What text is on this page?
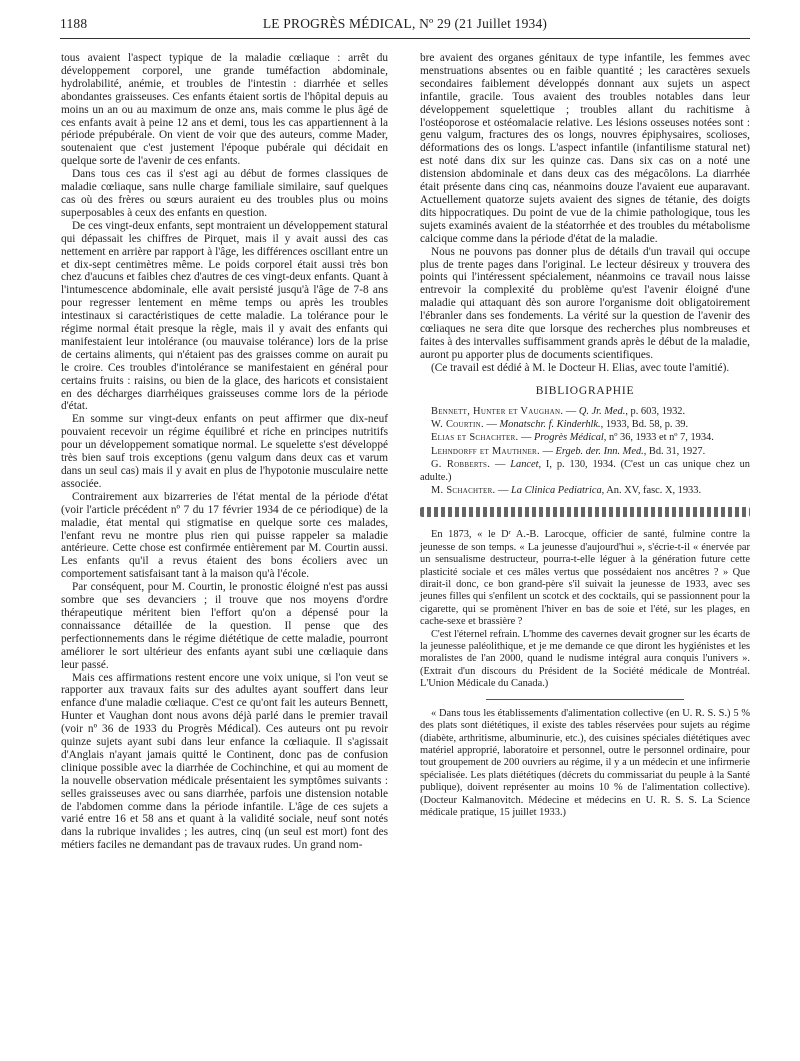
1188	LE PROGRÈS MÉDICAL, Nº 29 (21 Juillet 1934)

tous avaient l'aspect typique de la maladie cœliaque : arrêt du développement corporel, une grande tuméfaction abdominale, hydrolabilité, anémie, et troubles de l'intestin : diarrhée et selles abondantes graisseuses. Ces enfants étaient sortis de l'hôpital depuis au moins un an ou au maximum de onze ans, mais comme le plus âgé de ces enfants avait à peine 12 ans et demi, tous les cas appartiennent à la période prépubérale. On vient de voir que des auteurs, comme Mader, soutenaient que c'est justement l'époque pubérale qui décidait en quelque sorte de l'avenir de ces enfants.

Dans tous ces cas il s'est agi au début de formes classiques de maladie cœliaque, sans nulle charge familiale similaire, sauf quelques cas où des frères ou sœurs auraient eu des troubles plus ou moins superposables à ceux des enfants en question.

De ces vingt-deux enfants, sept montraient un développement statural qui dépassait les chiffres de Pirquet, mais il y avait aussi des cas nettement en arrière par rapport à l'âge, les différences oscillant entre un et dix-sept centimètres même. Le poids corporel était aussi très bon chez d'aucuns et faibles chez d'autres de ces vingt-deux enfants. Quant à l'intumescence abdominale, elle avait persisté jusqu'à l'âge de 7-8 ans pour regresser lentement en même temps ou après les troubles intestinaux si caractéristiques de cette maladie. La tolérance pour le régime normal était presque la règle, mais il y avait des enfants qui manifestaient leur intolérance (ou mauvaise tolérance) lors de la prise de certains aliments, qui n'étaient pas des graisses comme on aurait pu le croire. Ces troubles d'intolérance se manifestaient en général pour certains fruits : raisins, ou bien de la glace, des haricots et consistaient en des décharges diarrhéiques graisseuses comme lors de la période d'état.

En somme sur vingt-deux enfants on peut affirmer que dix-neuf pouvaient recevoir un régime équilibré et riche en principes nutritifs pour un développement somatique normal. Le squelette s'est développé très bien sauf trois exceptions (genu valgum dans deux cas et varum dans un seul cas) mais il y avait en plus de l'hypotonie musculaire nette associée.

Contrairement aux bizarreries de l'état mental de la période d'état (voir l'article précédent nº 7 du 17 février 1934 de ce périodique) de la maladie, état mental qui stigmatise en quelque sorte ces malades, l'enfant revu ne montre plus rien qui puisse rappeler sa maladie antérieure. Cette chose est confirmée entièrement par M. Courtin aussi. Les enfants qu'il a revus étaient des bons écoliers avec un comportement satisfaisant tant à la maison qu'à l'école.

Par conséquent, pour M. Courtin, le pronostic éloigné n'est pas aussi sombre que ses devanciers ; il trouve que nos moyens d'ordre thérapeutique méritent bien l'effort qu'on a dépensé pour la connaissance détaillée de la question. Il pense que des perfectionnements dans le régime diététique de cette maladie, pourront améliorer le sort ultérieur des enfants ayant subi une cœliaquie dans leur passé.

Mais ces affirmations restent encore une voix unique, si l'on veut se rapporter aux travaux faits sur des adultes ayant souffert dans leur enfance d'une maladie cœliaque. C'est ce qu'ont fait les auteurs Bennett, Hunter et Vaughan dont nous avons déjà parlé dans le premier travail (voir nº 36 de 1933 du Progrès Médical). Ces auteurs ont pu revoir quinze sujets ayant subi dans leur enfance la cœliaquie. Il s'agissait d'Anglais n'ayant jamais quitté le Continent, donc pas de confusion clinique possible avec la diarrhée de Cochinchine, et qui au moment de la nouvelle observation médicale présentaient les symptômes suivants : selles graisseuses avec ou sans diarrhée, parfois une distension notable de l'abdomen comme dans la période infantile. L'âge de ces sujets a varié entre 16 et 58 ans et quant à la validité sociale, neuf sont notés dans la rubrique invalides ; les autres, cinq (un seul est mort) font des métiers faciles ne demandant pas de travaux rudes. Un grand nom-

bre avaient des organes génitaux de type infantile, les femmes avec menstruations absentes ou en faible quantité ; les caractères sexuels secondaires faiblement développés donnant aux sujets un aspect infantile, gracile. Tous avaient des troubles notables dans leur développement squelettique ; troubles allant du rachitisme à l'ostéoporose et ostéomalacie relative. Les lésions osseuses notées sont : genu valgum, fractures des os longs, nouvres épiphysaires, scolioses, déformations des os longs. L'aspect infantile (infantilisme statural net) est noté dans dix sur les quinze cas. Dans six cas on a noté une distension abdominale et dans deux cas des mégacôlons. La diarrhée était présente dans cinq cas, néanmoins douze l'avaient eue auparavant. Actuellement quatorze sujets avaient des signes de tétanie, des doigts dits hippocratiques. Du point de vue de la chimie pathologique, tous les sujets examinés avaient de la stéatorrhée et des troubles du métabolisme calcique comme dans la période d'état de la maladie.

Nous ne pouvons pas donner plus de détails d'un travail qui occupe plus de trente pages dans l'original. Le lecteur désireux y trouvera des points qui l'intéressent spécialement, néanmoins ce travail nous laisse entrevoir la complexité du problème qu'est l'avenir éloigné d'une maladie qui attaquant dès son aurore l'organisme doit obligatoirement l'ébranler dans ses fondements. La vérité sur la question de l'avenir des cœliaques ne sera dite que lorsque des recherches plus nombreuses et faites à des intervalles suffisamment grands après le début de la maladie, auront pu apporter plus de documents scientifiques.

(Ce travail est dédié à M. le Docteur H. Elias, avec toute l'amitié).

BIBLIOGRAPHIE

Bennett, Hunter et Vaughan. — Q. Jr. Med., p. 603, 1932.

W. Courtin. — Monatschr. f. Kinderhlk., 1933, Bd. 58, p. 39.

Elias et Schachter. — Progrès Médical, nº 36, 1933 et nº 7, 1934.

Lehndorff et Mauthner. — Ergeb. der. Inn. Med., Bd. 31, 1927.

G. Robberts. — Lancet, I, p. 130, 1934. (C'est un cas unique chez un adulte.)

M. Schachter. — La Clinica Pediatrica, An. XV, fasc. X, 1933.

En 1873, « le Dʳ A.-B. Larocque, officier de santé, fulmine contre la jeunesse de son temps. « La jeunesse d'aujourd'hui », s'écrie-t-il « énervée par un sensualisme destructeur, pourra-t-elle léguer à la génération future cette plasticité sociale et ces mâles vertus que possédaient nos ancêtres ? » Que dirait-il donc, ce bon grand-père s'il suivait la jeunesse de 1933, avec ses jeunes filles qui s'enfilent un scotck et des cocktails, qui se passionnent pour la cigarette, qui se promènent l'hiver en bas de soie et l'été, sur les plages, en cache-sexe et brassière ?

C'est l'éternel refrain. L'homme des cavernes devait grogner sur les écarts de la jeunesse paléolithique, et je me demande ce que diront les hygiénistes et les moralistes de l'an 2000, quand le nudisme intégral aura conquis l'univers ». (Extrait d'un discours du Président de la Société médicale de Montréal. L'Union Médicale du Canada.)

« Dans tous les établissements d'alimentation collective (en U. R. S. S.) 5 % des plats sont diététiques, il existe des tables réservées pour sujets au régime (diabète, arthritisme, albuminurie, etc.), des cuisines spéciales diététiques avec matériel approprié, laboratoire et personnel, outre le personnel ordinaire, pour tout groupement de 200 ouvriers au régime, il y a un médecin et une infirmerie spécialisée. Les plats diététiques (décrets du commissariat du peuple à la Santé publique), doivent représenter au moins 10 % de l'alimentation collective). (Docteur Kalmanovitch. Médecine et médecins en U. R. S. S. La Science médicale pratique, 15 juillet 1933.)
